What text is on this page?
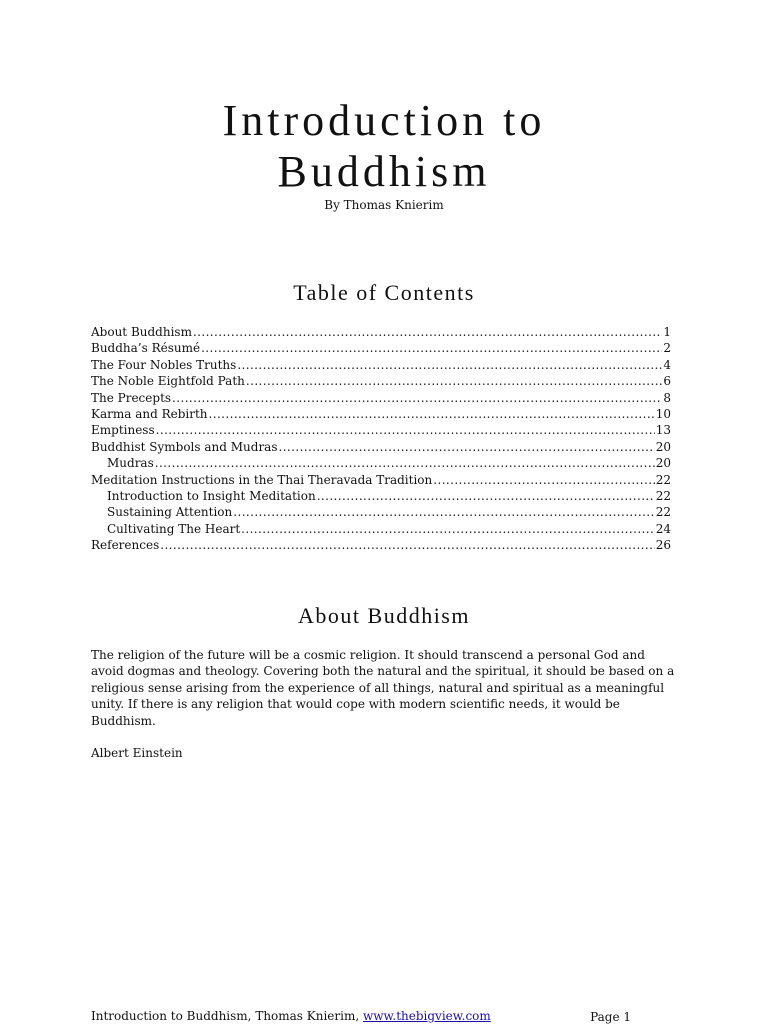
Introduction to
Buddhism
By Thomas Knierim
Table of Contents
About Buddhism .....	1
Buddha’s Résumé .....	2
The Four Nobles Truths .....	4
The Noble Eightfold Path .....	6
The Precepts .....	8
Karma and Rebirth .....	10
Emptiness .....	13
Buddhist Symbols and Mudras .....	20
Mudras .....	20
Meditation Instructions in the Thai Theravada Tradition .....	22
Introduction to Insight Meditation .....	22
Sustaining Attention .....	22
Cultivating The Heart .....	24
References .....	26
About Buddhism

The religion of the future will be a cosmic religion. It should transcend a personal God and avoid dogmas and theology. Covering both the natural and the spiritual, it should be based on a religious sense arising from the experience of all things, natural and spiritual as a meaningful unity. If there is any religion that would cope with modern scientific needs, it would be Buddhism.

Albert Einstein

Introduction to Buddhism, Thomas Knierim, www.thebigview.com	Page 1
